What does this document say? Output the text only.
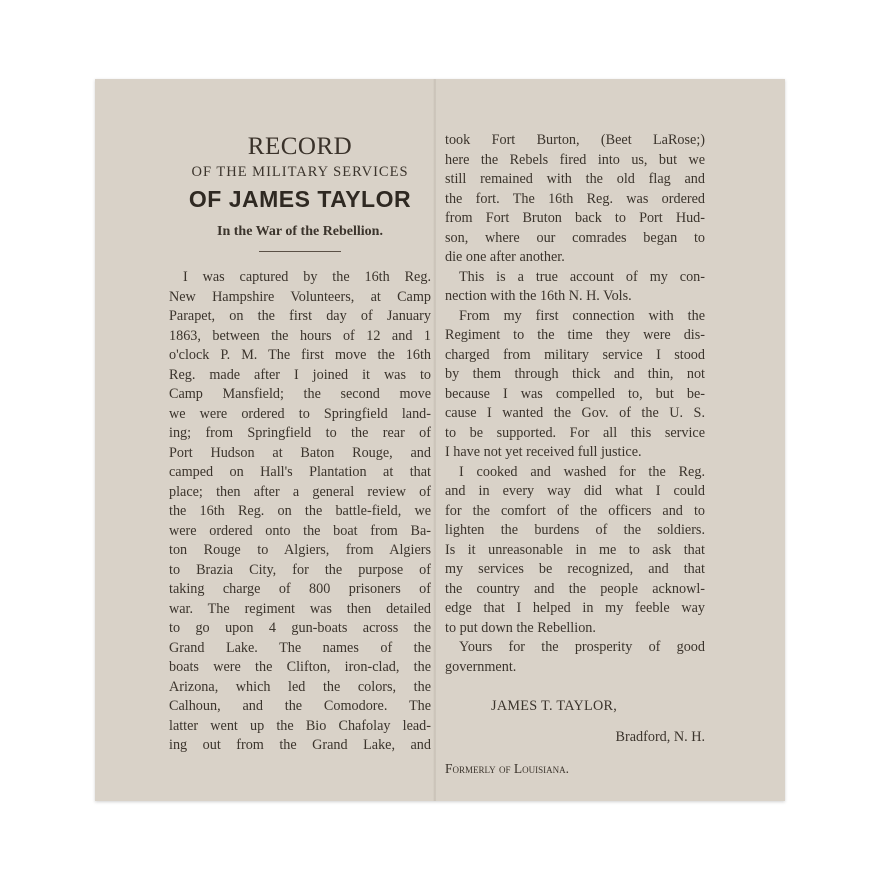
RECORD
OF THE MILITARY SERVICES
OF JAMES TAYLOR
In the War of the Rebellion.
I was captured by the 16th Reg.
New Hampshire Volunteers, at Camp
Parapet, on the first day of January
1863, between the hours of 12 and 1
o'clock P. M. The first move the 16th
Reg. made after I joined it was to
Camp Mansfield; the second move
we were ordered to Springfield land-
ing; from Springfield to the rear of
Port Hudson at Baton Rouge, and
camped on Hall's Plantation at that
place; then after a general review of
the 16th Reg. on the battle-field, we
were ordered onto the boat from Ba-
ton Rouge to Algiers, from Algiers
to Brazia City, for the purpose of
taking charge of 800 prisoners of
war. The regiment was then detailed
to go upon 4 gun-boats across the
Grand Lake. The names of the
boats were the Clifton, iron-clad, the
Arizona, which led the colors, the
Calhoun, and the Comodore. The
latter went up the Bio Chafolay lead-
ing out from the Grand Lake, and
took Fort Burton, (Beet LaRose;)
here the Rebels fired into us, but we
still remained with the old flag and
the fort. The 16th Reg. was ordered
from Fort Bruton back to Port Hud-
son, where our comrades began to
die one after another.
This is a true account of my con-
nection with the 16th N. H. Vols.
From my first connection with the
Regiment to the time they were dis-
charged from military service I stood
by them through thick and thin, not
because I was compelled to, but be-
cause I wanted the Gov. of the U. S.
to be supported. For all this service
I have not yet received full justice.
I cooked and washed for the Reg.
and in every way did what I could
for the comfort of the officers and to
lighten the burdens of the soldiers.
Is it unreasonable in me to ask that
my services be recognized, and that
the country and the people acknowl-
edge that I helped in my feeble way
to put down the Rebellion.
Yours for the prosperity of good
government.
JAMES T. TAYLOR,
Bradford, N. H.
Formerly of Louisiana.
